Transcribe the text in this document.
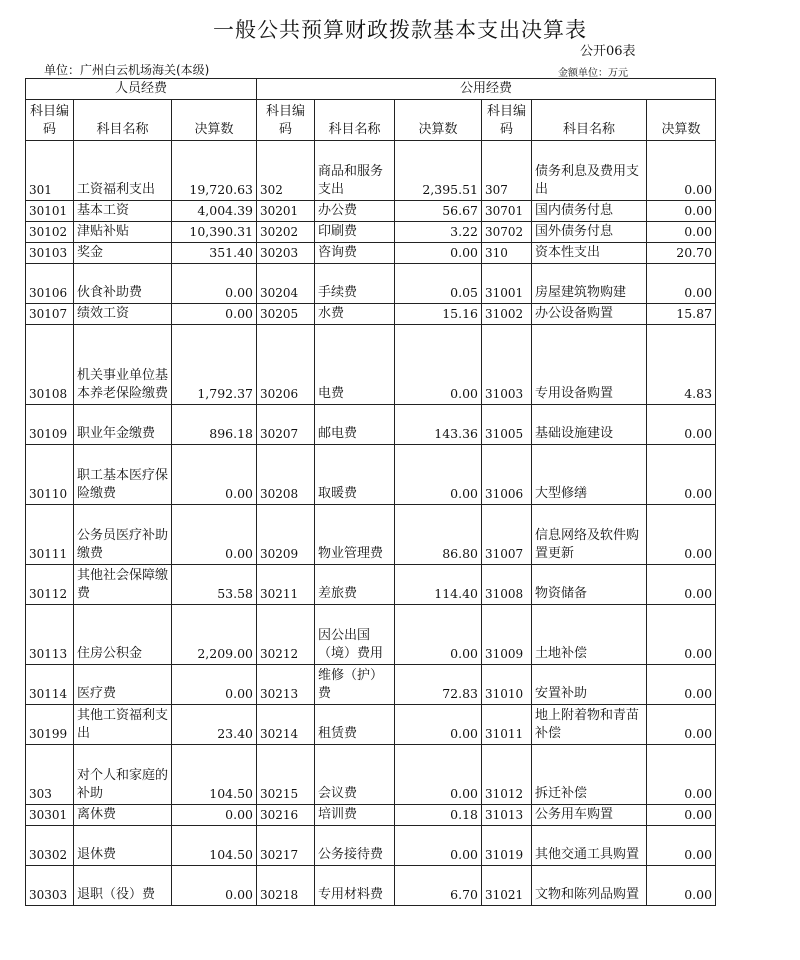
一般公共预算财政拨款基本支出决算表
公开06表
单位：广州白云机场海关(本级)	金额单位：万元
人员经费			公用经费					
科目编码	科目名称	决算数	科目编码	科目名称	决算数	科目编码	科目名称	决算数
301	工资福利支出	19,720.63	302	商品和服务支出	2,395.51	307	债务利息及费用支出	0.00
30101	基本工资	4,004.39	30201	办公费	56.67	30701	国内债务付息	0.00
30102	津贴补贴	10,390.31	30202	印刷费	3.22	30702	国外债务付息	0.00
30103	奖金	351.40	30203	咨询费	0.00	310	资本性支出	20.70
30106	伙食补助费	0.00	30204	手续费	0.05	31001	房屋建筑物购建	0.00
30107	绩效工资	0.00	30205	水费	15.16	31002	办公设备购置	15.87
30108	机关事业单位基本养老保险缴费	1,792.37	30206	电费	0.00	31003	专用设备购置	4.83
30109	职业年金缴费	896.18	30207	邮电费	143.36	31005	基础设施建设	0.00
30110	职工基本医疗保险缴费	0.00	30208	取暖费	0.00	31006	大型修缮	0.00
30111	公务员医疗补助缴费	0.00	30209	物业管理费	86.80	31007	信息网络及软件购置更新	0.00
30112	其他社会保障缴费	53.58	30211	差旅费	114.40	31008	物资储备	0.00
30113	住房公积金	2,209.00	30212	因公出国（境）费用	0.00	31009	土地补偿	0.00
30114	医疗费	0.00	30213	维修（护）费	72.83	31010	安置补助	0.00
30199	其他工资福利支出	23.40	30214	租赁费	0.00	31011	地上附着物和青苗补偿	0.00
303	对个人和家庭的补助	104.50	30215	会议费	0.00	31012	拆迁补偿	0.00
30301	离休费	0.00	30216	培训费	0.18	31013	公务用车购置	0.00
30302	退休费	104.50	30217	公务接待费	0.00	31019	其他交通工具购置	0.00
30303	退职（役）费	0.00	30218	专用材料费	6.70	31021	文物和陈列品购置	0.00
